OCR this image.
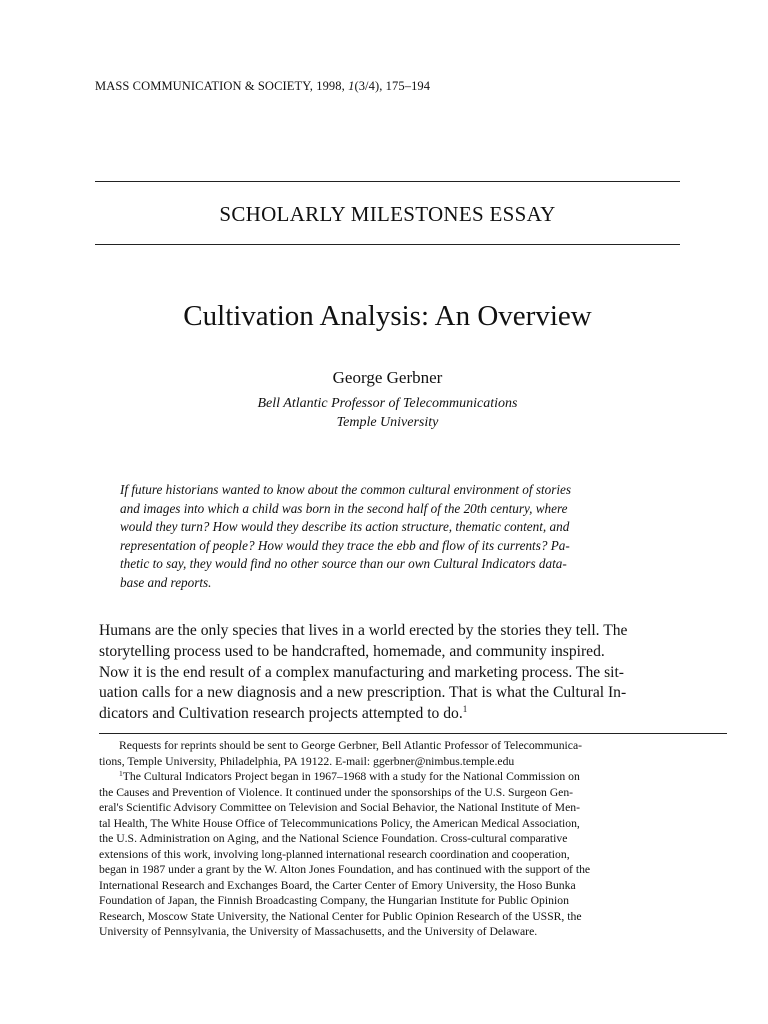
MASS COMMUNICATION & SOCIETY, 1998, 1(3/4), 175–194
SCHOLARLY MILESTONES ESSAY
Cultivation Analysis: An Overview
George Gerbner
Bell Atlantic Professor of Telecommunications
Temple University
If future historians wanted to know about the common cultural environment of stories
and images into which a child was born in the second half of the 20th century, where
would they turn? How would they describe its action structure, thematic content, and
representation of people? How would they trace the ebb and flow of its currents? Pa-
thetic to say, they would find no other source than our own Cultural Indicators data-
base and reports.
Humans are the only species that lives in a world erected by the stories they tell. The
storytelling process used to be handcrafted, homemade, and community inspired.
Now it is the end result of a complex manufacturing and marketing process. The sit-
uation calls for a new diagnosis and a new prescription. That is what the Cultural In-
dicators and Cultivation research projects attempted to do.$^1$
Requests for reprints should be sent to George Gerbner, Bell Atlantic Professor of Telecommunica-
tions, Temple University, Philadelphia, PA 19122. E-mail: ggerbner@nimbus.temple.edu
$^1$The Cultural Indicators Project began in 1967–1968 with a study for the National Commission on
the Causes and Prevention of Violence. It continued under the sponsorships of the U.S. Surgeon Gen-
eral's Scientific Advisory Committee on Television and Social Behavior, the National Institute of Men-
tal Health, The White House Office of Telecommunications Policy, the American Medical Association,
the U.S. Administration on Aging, and the National Science Foundation. Cross-cultural comparative
extensions of this work, involving long-planned international research coordination and cooperation,
began in 1987 under a grant by the W. Alton Jones Foundation, and has continued with the support of the
International Research and Exchanges Board, the Carter Center of Emory University, the Hoso Bunka
Foundation of Japan, the Finnish Broadcasting Company, the Hungarian Institute for Public Opinion
Research, Moscow State University, the National Center for Public Opinion Research of the USSR, the
University of Pennsylvania, the University of Massachusetts, and the University of Delaware.
